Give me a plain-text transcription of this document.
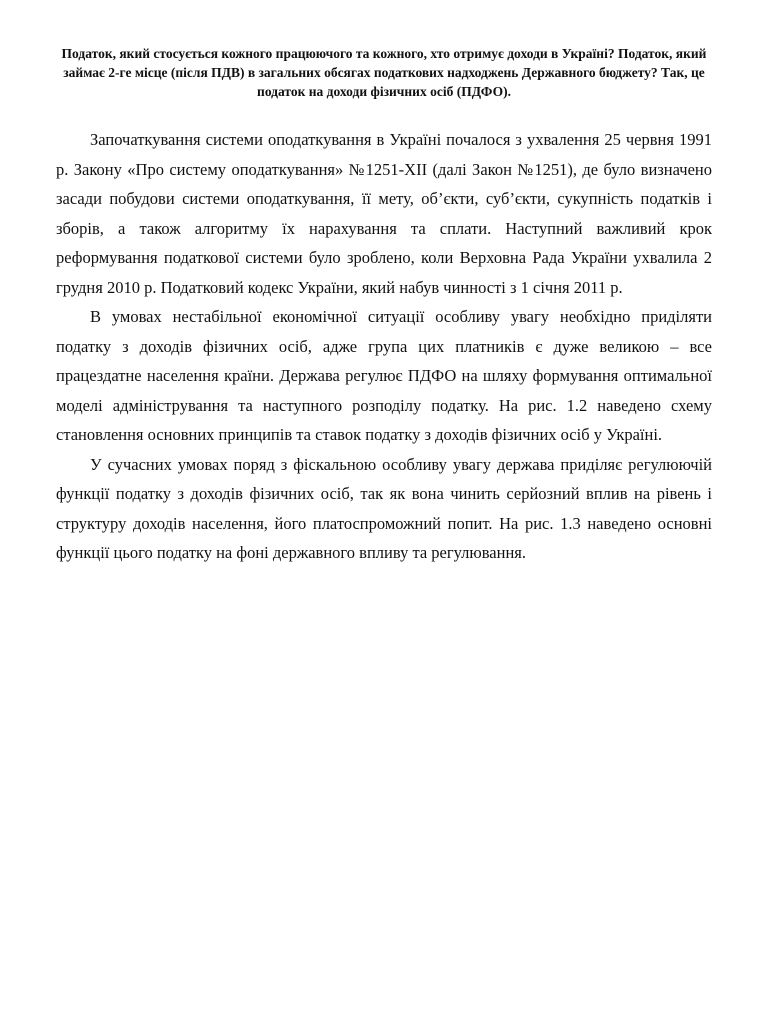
Податок, який стосується кожного працюючого та кожного, хто отримує доходи в Україні? Податок, який займає 2-ге місце (після ПДВ) в загальних обсягах податкових надходжень Державного бюджету? Так, це податок на доходи фізичних осіб (ПДФО).

Започаткування системи оподаткування в Україні почалося з ухвалення 25 червня 1991 р. Закону «Про систему оподаткування» №1251-XII (далі Закон №1251), де було визначено засади побудови системи оподаткування, її мету, об’єкти, суб’єкти, сукупність податків і зборів, а також алгоритму їх нарахування та сплати. Наступний важливий крок реформування податкової системи було зроблено, коли Верховна Рада України ухвалила 2 грудня 2010 р. Податковий кодекс України, який набув чинності з 1 січня 2011 р.

В умовах нестабільної економічної ситуації особливу увагу необхідно приділяти податку з доходів фізичних осіб, адже група цих платників є дуже великою – все працездатне населення країни. Держава регулює ПДФО на шляху формування оптимальної моделі адміністрування та наступного розподілу податку. На рис. 1.2 наведено схему становлення основних принципів та ставок податку з доходів фізичних осіб у Україні.

У сучасних умовах поряд з фіскальною особливу увагу держава приділяє регулюючій функції податку з доходів фізичних осіб, так як вона чинить серйозний вплив на рівень і структуру доходів населення, його платоспроможний попит. На рис. 1.3 наведено основні функції цього податку на фоні державного впливу та регулювання.
